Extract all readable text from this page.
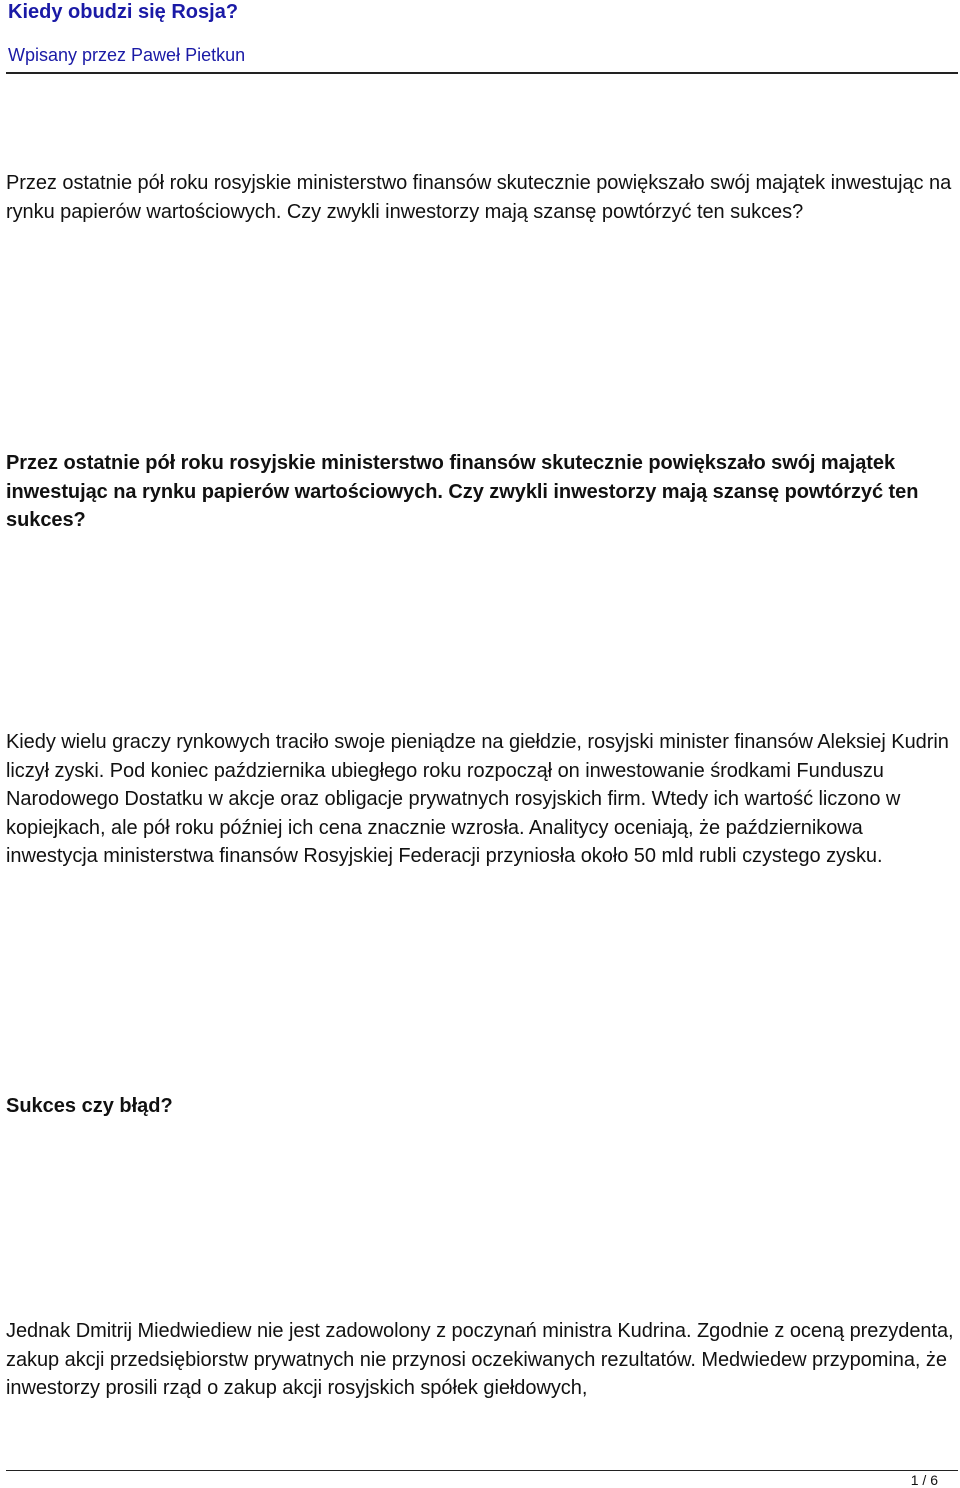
Kiedy obudzi się Rosja?
Wpisany przez Paweł Pietkun

Przez ostatnie pół roku rosyjskie ministerstwo finansów skutecznie powiększało swój majątek inwestując na rynku papierów wartościowych. Czy zwykli inwestorzy mają szansę powtórzyć ten sukces?

Przez ostatnie pół roku rosyjskie ministerstwo finansów skutecznie powiększało swój majątek inwestując na rynku papierów wartościowych. Czy zwykli inwestorzy mają szansę powtórzyć ten sukces?

Kiedy wielu graczy rynkowych traciło swoje pieniądze na giełdzie, rosyjski minister finansów Aleksiej Kudrin liczył zyski. Pod koniec października ubiegłego roku rozpoczął on inwestowanie środkami Funduszu Narodowego Dostatku w akcje oraz obligacje prywatnych rosyjskich firm. Wtedy ich wartość liczono w kopiejkach, ale pół roku później ich cena znacznie wzrosła. Analitycy oceniają, że październikowa inwestycja ministerstwa finansów Rosyjskiej Federacji przyniosła około 50 mld rubli czystego zysku.

Sukces czy błąd?

Jednak Dmitrij Miedwiediew nie jest zadowolony z poczynań ministra Kudrina. Zgodnie z oceną prezydenta, zakup akcji przedsiębiorstw prywatnych nie przynosi oczekiwanych rezultatów. Medwiedew przypomina, że inwestorzy prosili rząd o zakup akcji rosyjskich spółek giełdowych,

1 / 6
